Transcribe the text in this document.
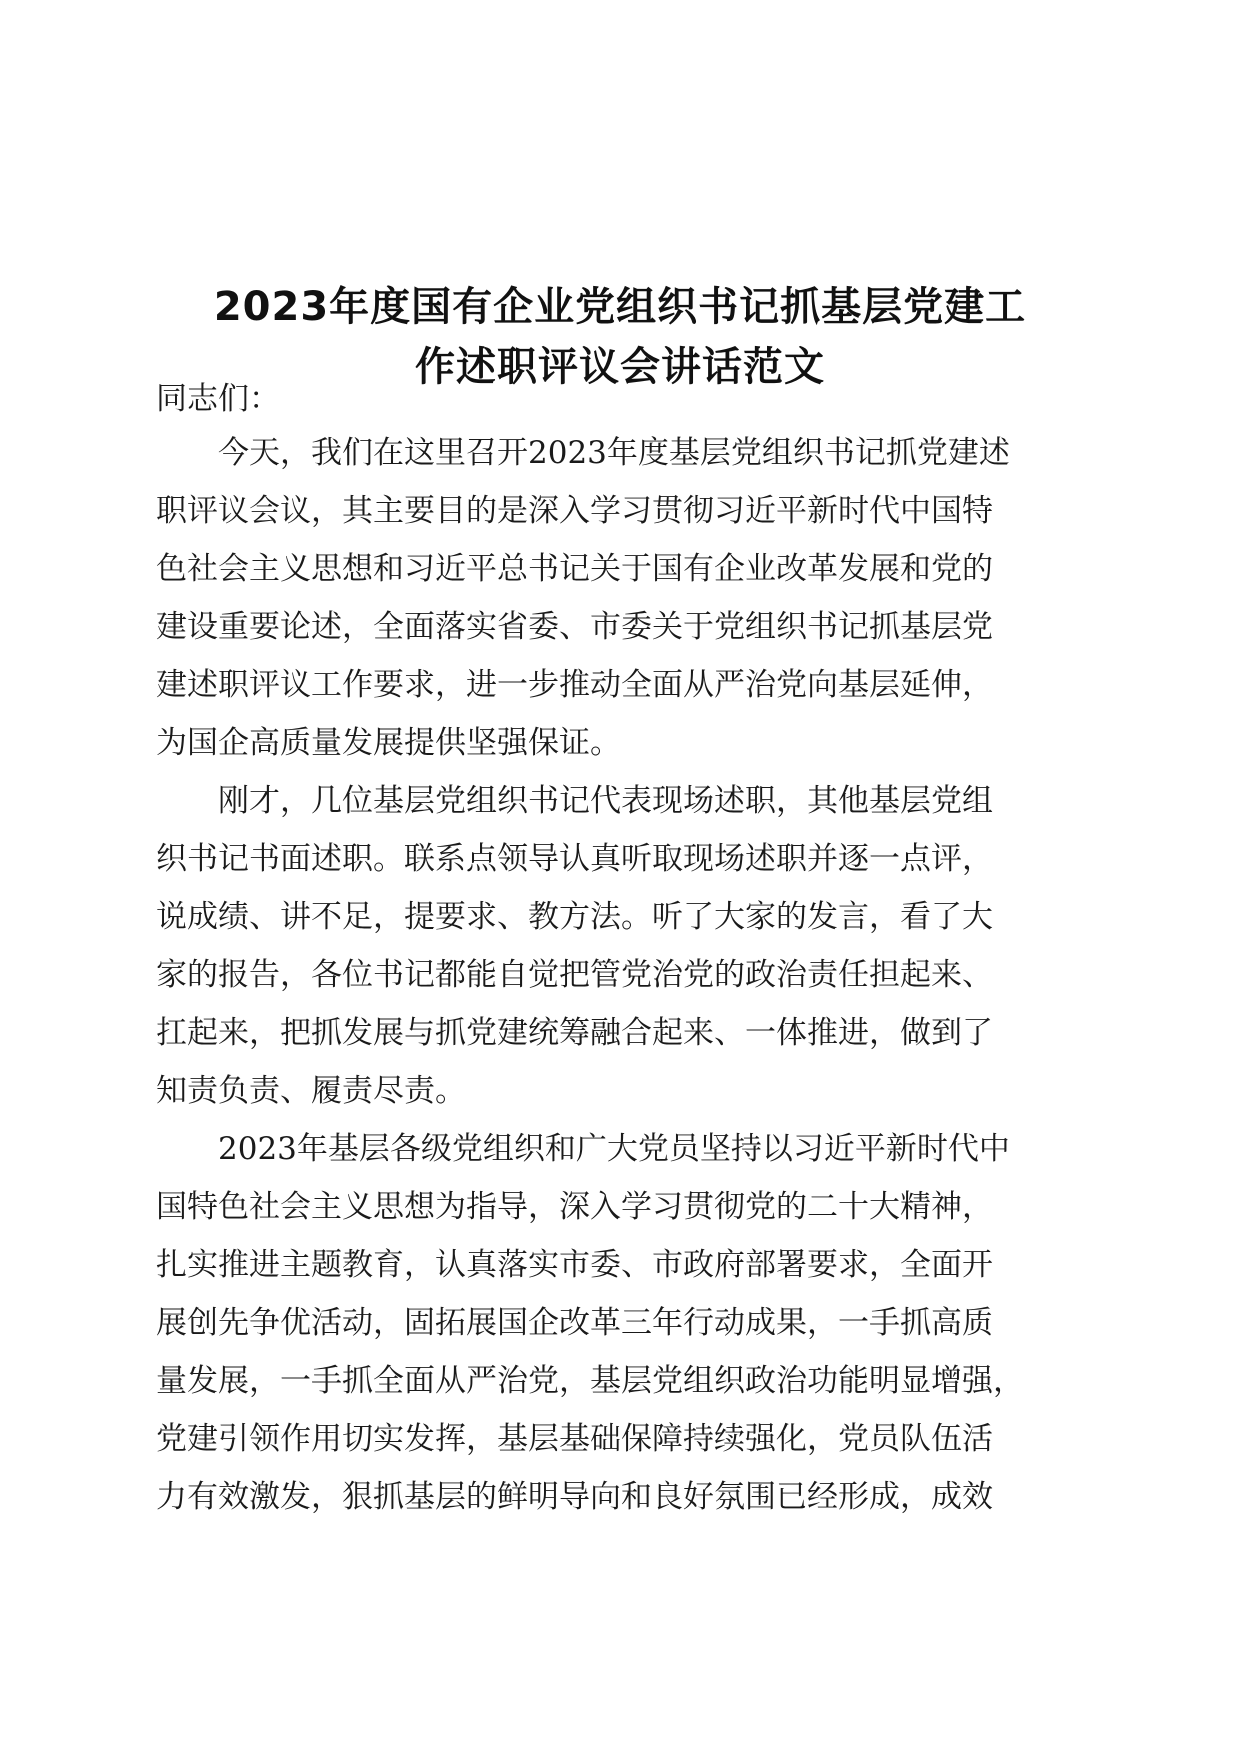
2023年度国有企业党组织书记抓基层党建工
作述职评议会讲话范文
同志们：
　　今天，我们在这里召开2023年度基层党组织书记抓党建述
职评议会议，其主要目的是深入学习贯彻习近平新时代中国特
色社会主义思想和习近平总书记关于国有企业改革发展和党的
建设重要论述，全面落实省委、市委关于党组织书记抓基层党
建述职评议工作要求，进一步推动全面从严治党向基层延伸，
为国企高质量发展提供坚强保证。
　　刚才，几位基层党组织书记代表现场述职，其他基层党组
织书记书面述职。联系点领导认真听取现场述职并逐一点评，
说成绩、讲不足，提要求、教方法。听了大家的发言，看了大
家的报告，各位书记都能自觉把管党治党的政治责任担起来、
扛起来，把抓发展与抓党建统筹融合起来、一体推进，做到了
知责负责、履责尽责。
　　2023年基层各级党组织和广大党员坚持以习近平新时代中
国特色社会主义思想为指导，深入学习贯彻党的二十大精神，
扎实推进主题教育，认真落实市委、市政府部署要求，全面开
展创先争优活动，固拓展国企改革三年行动成果，一手抓高质
量发展，一手抓全面从严治党，基层党组织政治功能明显增强，
党建引领作用切实发挥，基层基础保障持续强化，党员队伍活
力有效激发，狠抓基层的鲜明导向和良好氛围已经形成，成效
